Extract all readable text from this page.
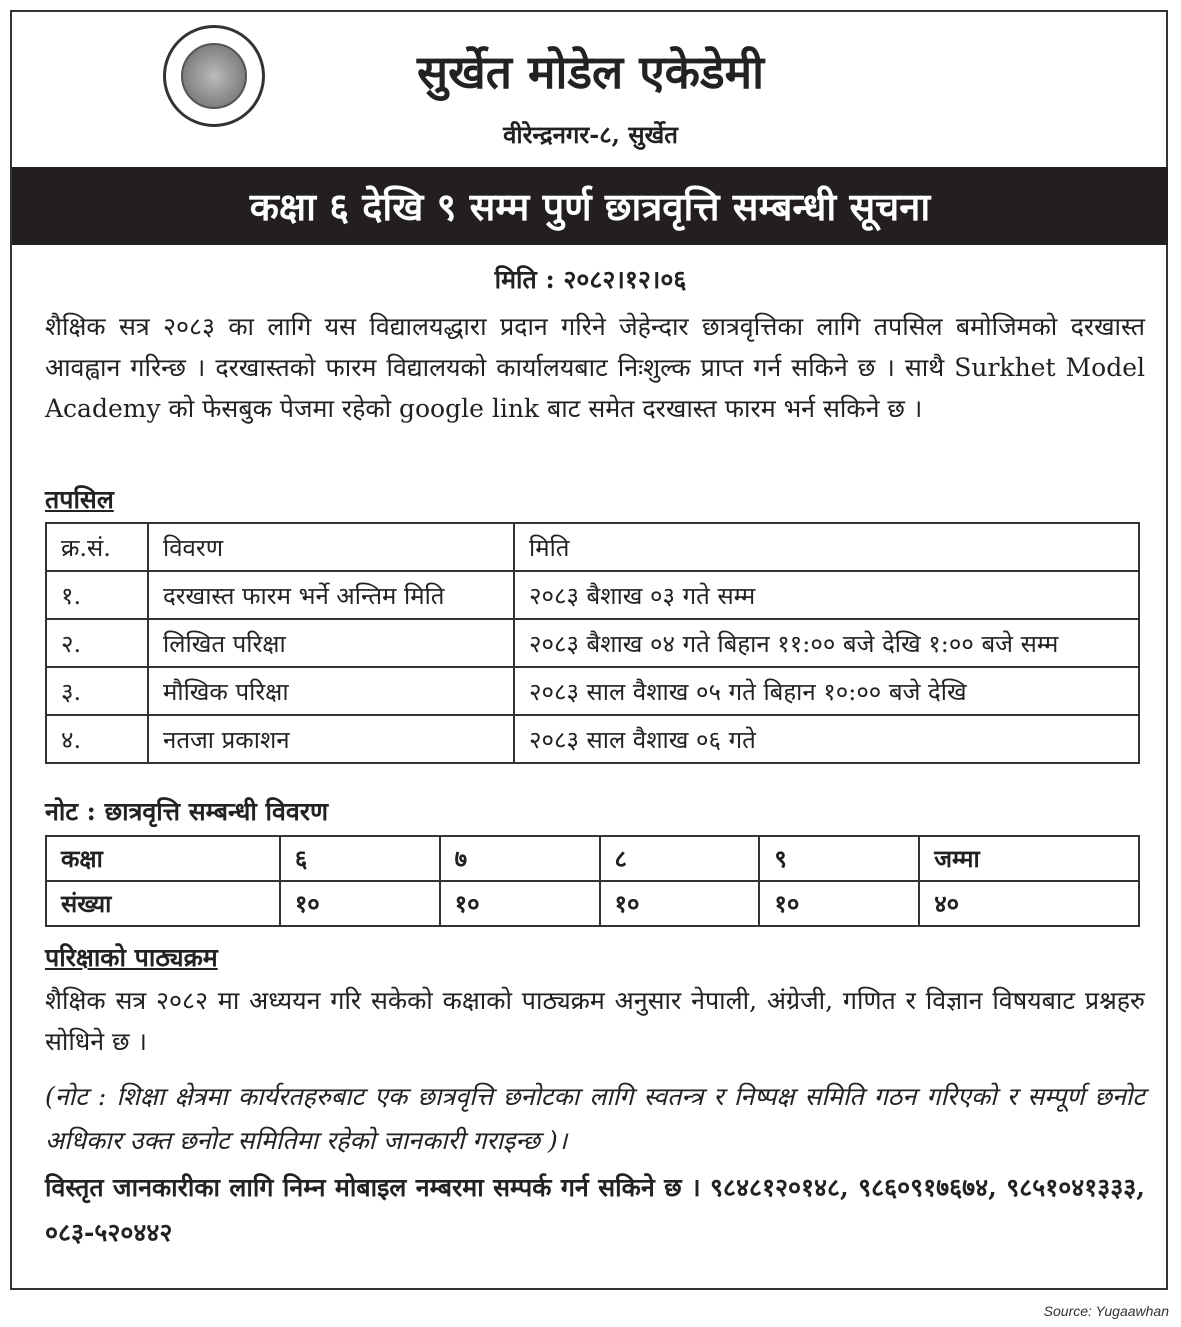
सुर्खेत मोडेल एकेडेमी
वीरेन्द्रनगर-८, सुर्खेत
कक्षा ६ देखि ९ सम्म पुर्ण छात्रवृत्ति सम्बन्धी सूचना
मिति : २०८२।१२।०६
शैक्षिक सत्र २०८३ का लागि यस विद्यालयद्धारा प्रदान गरिने जेहेन्दार छात्रवृत्तिका लागि तपसिल बमोजिमको दरखास्त आवह्वान गरिन्छ । दरखास्तको फारम विद्यालयको कार्यालयबाट निःशुल्क प्राप्त गर्न सकिने छ । साथै Surkhet Model Academy को फेसबुक पेजमा रहेको google link बाट समेत दरखास्त फारम भर्न सकिने छ ।
तपसिल
क्र.सं.	विवरण	मिति
१.	दरखास्त फारम भर्ने अन्तिम मिति	२०८३ बैशाख ०३ गते सम्म
२.	लिखित परिक्षा	२०८३ बैशाख ०४ गते बिहान ११:०० बजे देखि १:०० बजे सम्म
३.	मौखिक परिक्षा	२०८३ साल वैशाख ०५ गते बिहान १०:०० बजे देखि
४.	नतजा प्रकाशन	२०८३ साल वैशाख ०६ गते
नोट : छात्रवृत्ति सम्बन्धी विवरण
कक्षा	६	७	८	९	जम्मा
संख्या	१०	१०	१०	१०	४०
परिक्षाको पाठ्यक्रम
शैक्षिक सत्र २०८२ मा अध्ययन गरि सकेको कक्षाको पाठ्यक्रम अनुसार नेपाली, अंग्रेजी, गणित र विज्ञान विषयबाट प्रश्नहरु सोधिने छ ।
(नोट : शिक्षा क्षेत्रमा कार्यरतहरुबाट एक छात्रवृत्ति छनोटका लागि स्वतन्त्र र निष्पक्ष समिति गठन गरिएको र सम्पूर्ण छनोट अधिकार उक्त छनोट समितिमा रहेको जानकारी गराइन्छ )।
विस्तृत जानकारीका लागि निम्न मोबाइल नम्बरमा सम्पर्क गर्न सकिने छ । ९८४८१२०१४८, ९८६०९१७६७४, ९८५१०४१३३३, ०८३-५२०४४२
Source: Yugaawhan
